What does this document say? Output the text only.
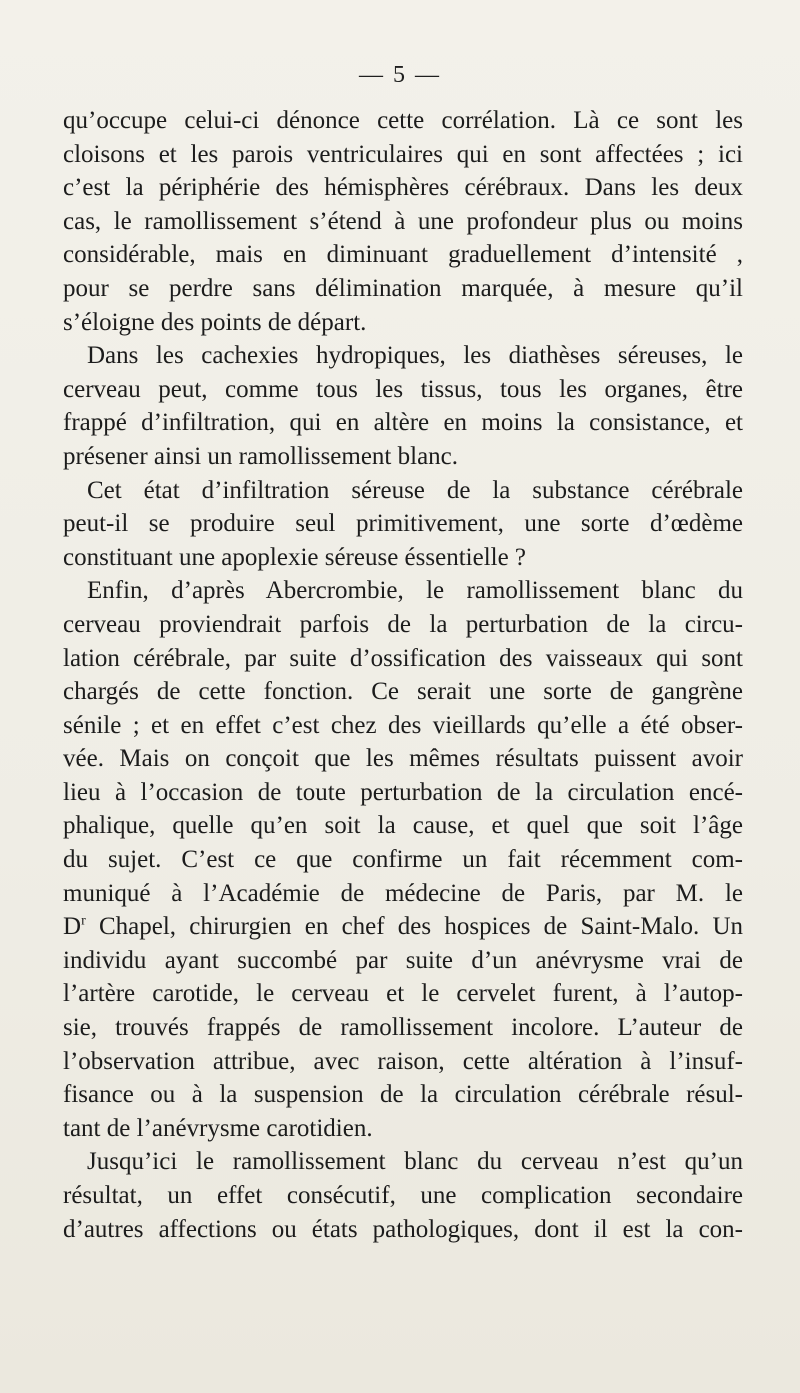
— 5 —
qu’occupe celui-ci dénonce cette corrélation. Là ce sont les
cloisons et les parois ventriculaires qui en sont affectées ; ici
c’est la périphérie des hémisphères cérébraux. Dans les deux
cas, le ramollissement s’étend à une profondeur plus ou moins
considérable, mais en diminuant graduellement d’intensité ,
pour se perdre sans délimination marquée, à mesure qu’il
s’éloigne des points de départ.
Dans les cachexies hydropiques, les diathèses séreuses, le
cerveau peut, comme tous les tissus, tous les organes, être
frappé d’infiltration, qui en altère en moins la consistance, et
présener ainsi un ramollissement blanc.
Cet état d’infiltration séreuse de la substance cérébrale
peut-il se produire seul primitivement, une sorte d’œdème
constituant une apoplexie séreuse éssentielle ?
Enfin, d’après Abercrombie, le ramollissement blanc du
cerveau proviendrait parfois de la perturbation de la circu-
lation cérébrale, par suite d’ossification des vaisseaux qui sont
chargés de cette fonction. Ce serait une sorte de gangrène
sénile ; et en effet c’est chez des vieillards qu’elle a été obser-
vée. Mais on conçoit que les mêmes résultats puissent avoir
lieu à l’occasion de toute perturbation de la circulation encé-
phalique, quelle qu’en soit la cause, et quel que soit l’âge
du sujet. C’est ce que confirme un fait récemment com-
muniqué à l’Académie de médecine de Paris, par M. le
$D^r$ Chapel, chirurgien en chef des hospices de Saint-Malo. Un
individu ayant succombé par suite d’un anévrysme vrai de
l’artère carotide, le cerveau et le cervelet furent, à l’autop-
sie, trouvés frappés de ramollissement incolore. L’auteur de
l’observation attribue, avec raison, cette altération à l’insuf-
fisance ou à la suspension de la circulation cérébrale résul-
tant de l’anévrysme carotidien.
Jusqu’ici le ramollissement blanc du cerveau n’est qu’un
résultat, un effet consécutif, une complication secondaire
d’autres affections ou états pathologiques, dont il est la con-
